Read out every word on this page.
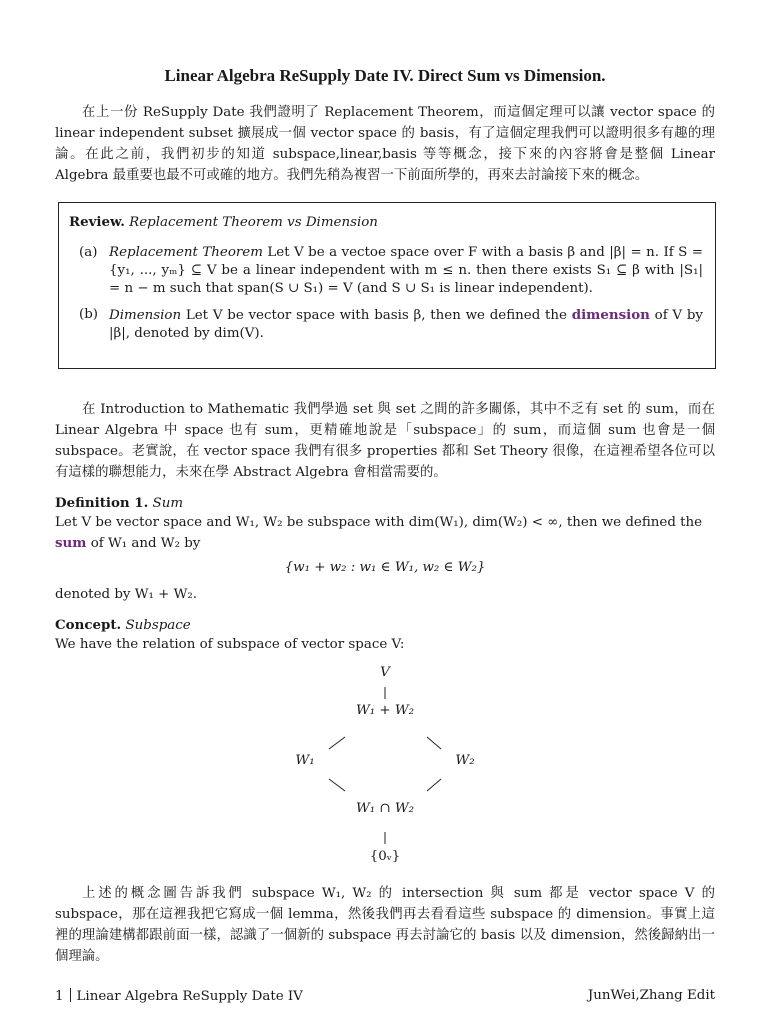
Linear Algebra ReSupply Date IV. Direct Sum vs Dimension.

在上一份 ReSupply Date 我們證明了 Replacement Theorem，而這個定理可以讓 vector space 的 linear independent subset 擴展成一個 vector space 的 basis，有了這個定理我們可以證明很多有趣的理論。在此之前，我們初步的知道 subspace,linear,basis 等等概念，接下來的內容將會是整個 Linear Algebra 最重要也最不可或確的地方。我們先稍為複習一下前面所學的，再來去討論接下來的概念。

Review. Replacement Theorem vs Dimension
(a) Replacement Theorem Let V be a vectoe space over F with a basis β and |β| = n. If S = {y₁, ..., yₘ} ⊆ V be a linear independent with m ≤ n. then there exists S₁ ⊆ β with |S₁| = n − m such that span(S ∪ S₁) = V (and S ∪ S₁ is linear independent).
(b) Dimension Let V be vector space with basis β, then we defined the dimension of V by |β|, denoted by dim(V).

在 Introduction to Mathematic 我們學過 set 與 set 之間的許多關係，其中不乏有 set 的 sum，而在 Linear Algebra 中 space 也有 sum，更精確地說是「subspace」的 sum，而這個 sum 也會是一個 subspace。老實說，在 vector space 我們有很多 properties 都和 Set Theory 很像，在這裡希望各位可以有這樣的聯想能力，未來在學 Abstract Algebra 會相當需要的。

Definition 1. Sum

Let V be vector space and W₁, W₂ be subspace with dim(W₁), dim(W₂) < ∞, then we defined the

sum of W₁ and W₂ by

{w₁ + w₂ : w₁ ∈ W₁, w₂ ∈ W₂}

denoted by W₁ + W₂.

Concept. Subspace

We have the relation of subspace of vector space V:

V
W₁ + W₂
W₁	W₂
W₁ ∩ W₂
{0ᵥ}

上述的概念圖告訴我們 subspace W₁, W₂ 的 intersection 與 sum 都是 vector space V 的 subspace，那在這裡我把它寫成一個 lemma，然後我們再去看看這些 subspace 的 dimension。事實上這裡的理論建構都跟前面一樣，認識了一個新的 subspace 再去討論它的 basis 以及 dimension，然後歸納出一個理論。

1 Linear Algebra ReSupply Date IV	JunWei,Zhang Edit
